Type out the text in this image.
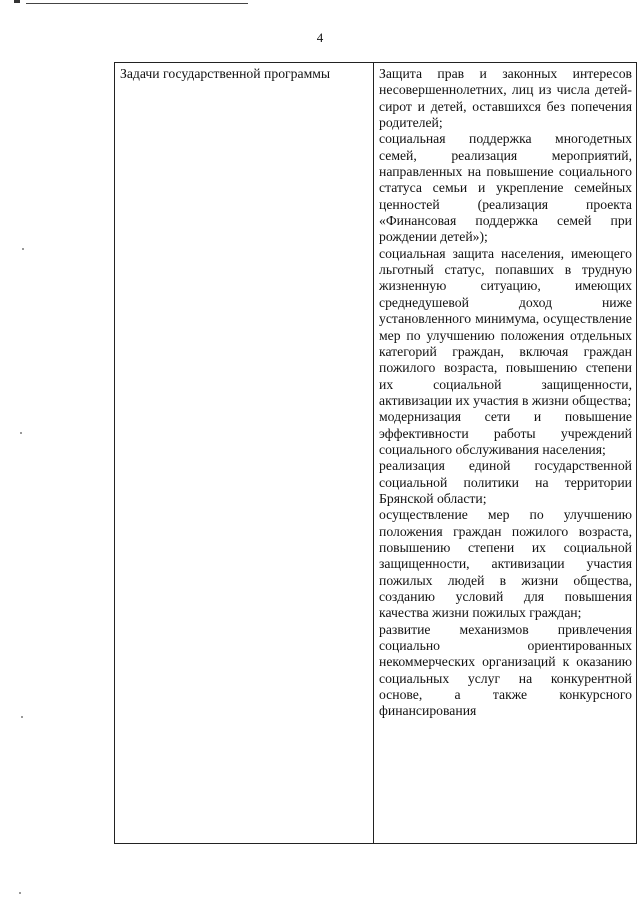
4
Задачи государственной программы	Защита прав и законных интересов несовершеннолетних, лиц из числа детей-сирот и детей, оставшихся без попечения родителей;
социальная поддержка многодетных семей, реализация мероприятий, направленных на повышение социального статуса семьи и укрепление семейных ценностей (реализация проекта «Финансовая поддержка семей при рождении детей»);
социальная защита населения, имеющего льготный статус, попавших в трудную жизненную ситуацию, имеющих среднедушевой доход ниже установленного минимума, осуществление мер по улучшению положения отдельных категорий граждан, включая граждан пожилого возраста, повышению степени их социальной защищенности, активизации их участия в жизни общества;
модернизация сети и повышение эффективности работы учреждений социального обслуживания населения;
реализация единой государственной социальной политики на территории Брянской области;
осуществление мер по улучшению положения граждан пожилого возраста, повышению степени их социальной защищенности, активизации участия пожилых людей в жизни общества, созданию условий для повышения качества жизни пожилых граждан;
развитие механизмов привлечения социально ориентированных некоммерческих организаций к оказанию социальных услуг на конкурентной основе, а также конкурсного финансирования
